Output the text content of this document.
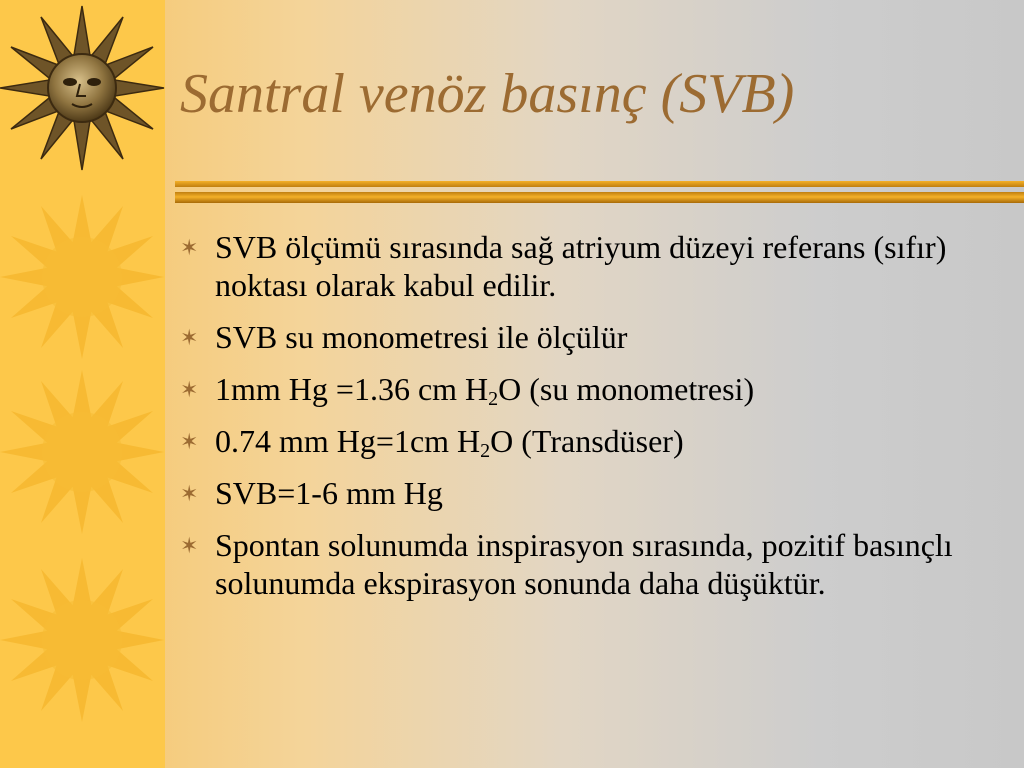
Santral venöz basınç (SVB)
✶ SVB ölçümü sırasında sağ atriyum düzeyi referans (sıfır) noktası olarak kabul edilir.
✶ SVB su monometresi ile ölçülür
✶ 1mm Hg =1.36 cm $H_2O$ (su monometresi)
✶ 0.74 mm Hg=1cm $H_2O$ (Transdüser)
✶ SVB=1-6 mm Hg
✶ Spontan solunumda inspirasyon sırasında, pozitif basınçlı solunumda ekspirasyon sonunda daha düşüktür.
